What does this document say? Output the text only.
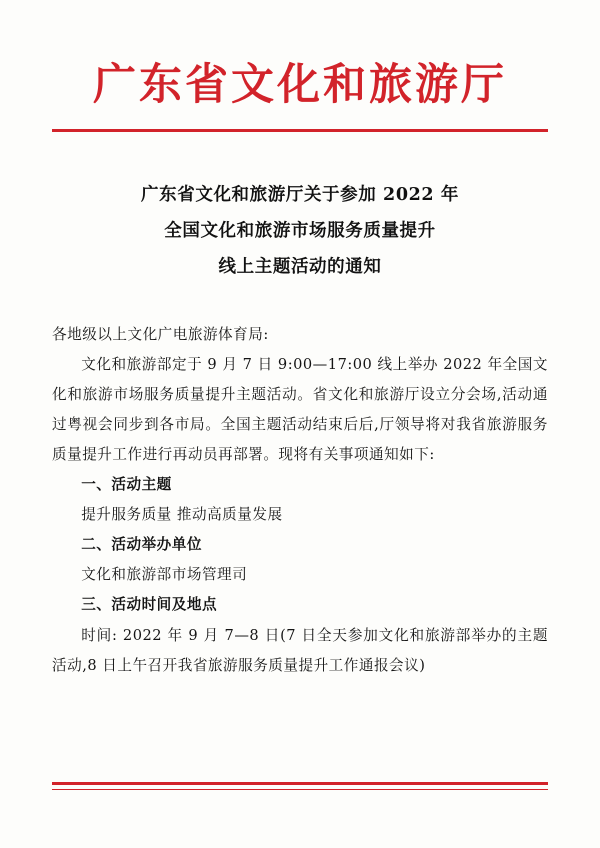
广东省文化和旅游厅
广东省文化和旅游厅关于参加 2022 年
全国文化和旅游市场服务质量提升
线上主题活动的通知
各地级以上文化广电旅游体育局:
文化和旅游部定于 9 月 7 日 9:00—17:00 线上举办 2022 年全国文化和旅游市场服务质量提升主题活动。省文化和旅游厅设立分会场,活动通过粤视会同步到各市局。全国主题活动结束后后,厅领导将对我省旅游服务质量提升工作进行再动员再部署。现将有关事项通知如下:
一、活动主题
提升服务质量 推动高质量发展
二、活动举办单位
文化和旅游部市场管理司
三、活动时间及地点
时间: 2022 年 9 月 7—8 日(7 日全天参加文化和旅游部举办的主题活动,8 日上午召开我省旅游服务质量提升工作通报会议)
